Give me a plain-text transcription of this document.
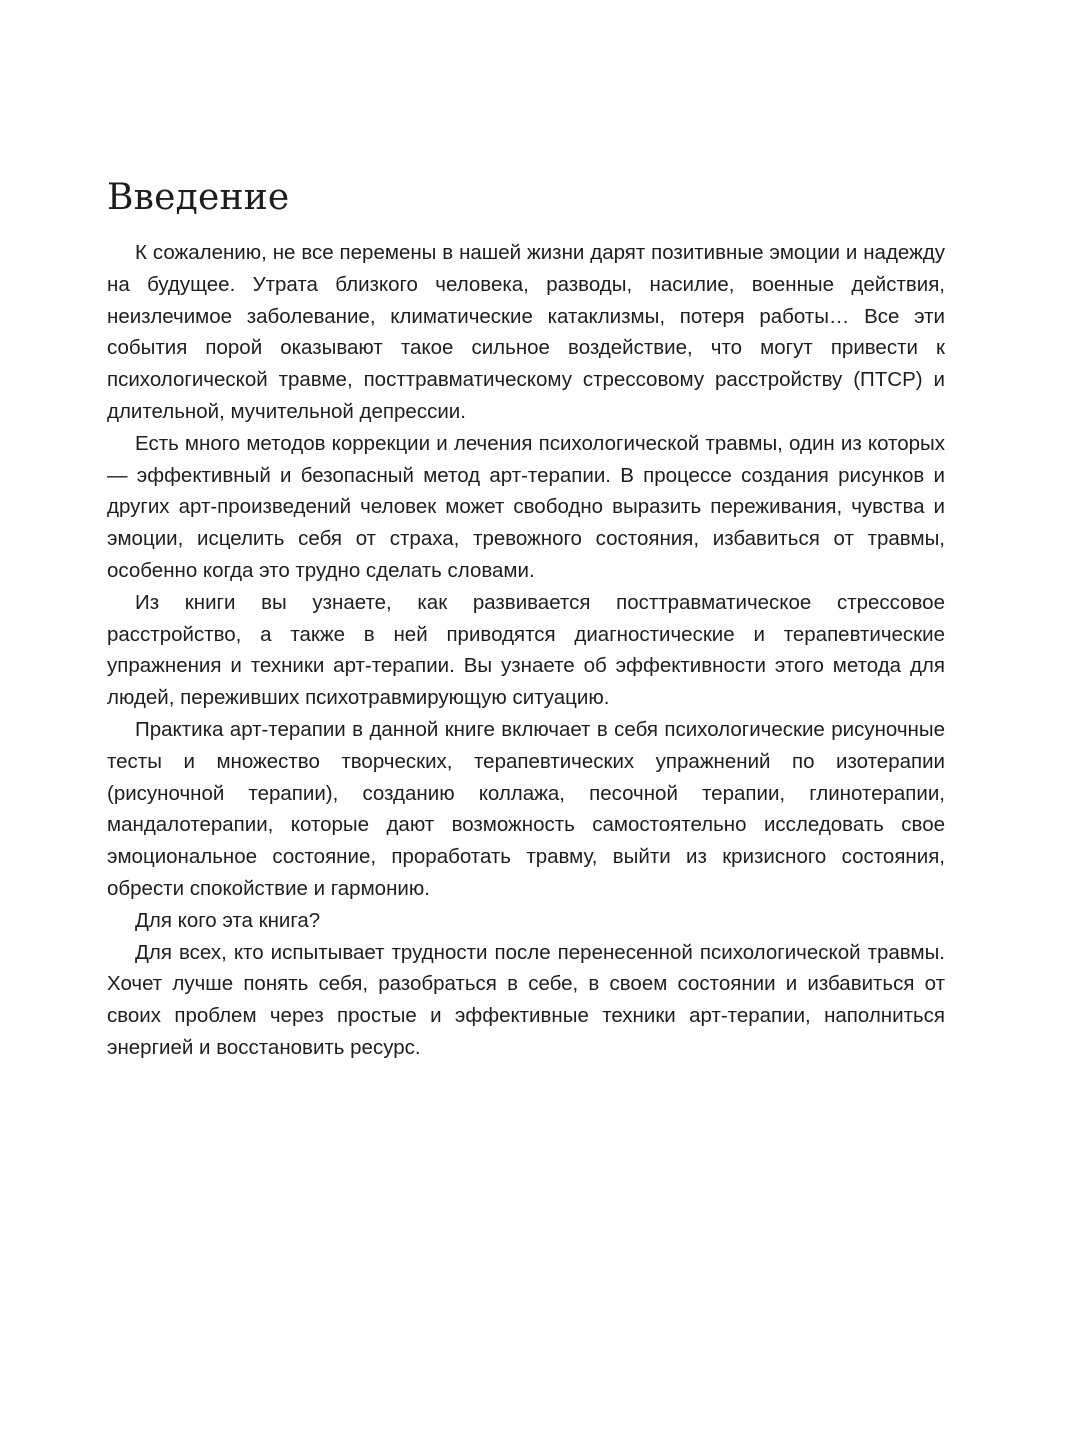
Введение

К сожалению, не все перемены в нашей жизни дарят позитивные эмоции и надежду на будущее. Утрата близкого человека, разводы, насилие, военные действия, неизлечимое заболевание, климатические катаклизмы, потеря работы… Все эти события порой оказывают такое сильное воздействие, что могут привести к психологической травме, посттравматическому стрессовому расстройству (ПТСР) и длительной, мучительной депрессии.

Есть много методов коррекции и лечения психологической травмы, один из которых — эффективный и безопасный метод арт-терапии. В процессе создания рисунков и других арт-произведений человек может свободно выразить переживания, чувства и эмоции, исцелить себя от страха, тревожного состояния, избавиться от травмы, особенно когда это трудно сделать словами.

Из книги вы узнаете, как развивается посттравматическое стрессовое расстройство, а также в ней приводятся диагностические и терапевтические упражнения и техники арт-терапии. Вы узнаете об эффективности этого метода для людей, переживших психотравмирующую ситуацию.

Практика арт-терапии в данной книге включает в себя психологические рисуночные тесты и множество творческих, терапевтических упражнений по изотерапии (рисуночной терапии), созданию коллажа, песочной терапии, глинотерапии, мандалотерапии, которые дают возможность самостоятельно исследовать свое эмоциональное состояние, проработать травму, выйти из кризисного состояния, обрести спокойствие и гармонию.

Для кого эта книга?

Для всех, кто испытывает трудности после перенесенной психологической травмы. Хочет лучше понять себя, разобраться в себе, в своем состоянии и избавиться от своих проблем через простые и эффективные техники арт-терапии, наполниться энергией и восстановить ресурс.
